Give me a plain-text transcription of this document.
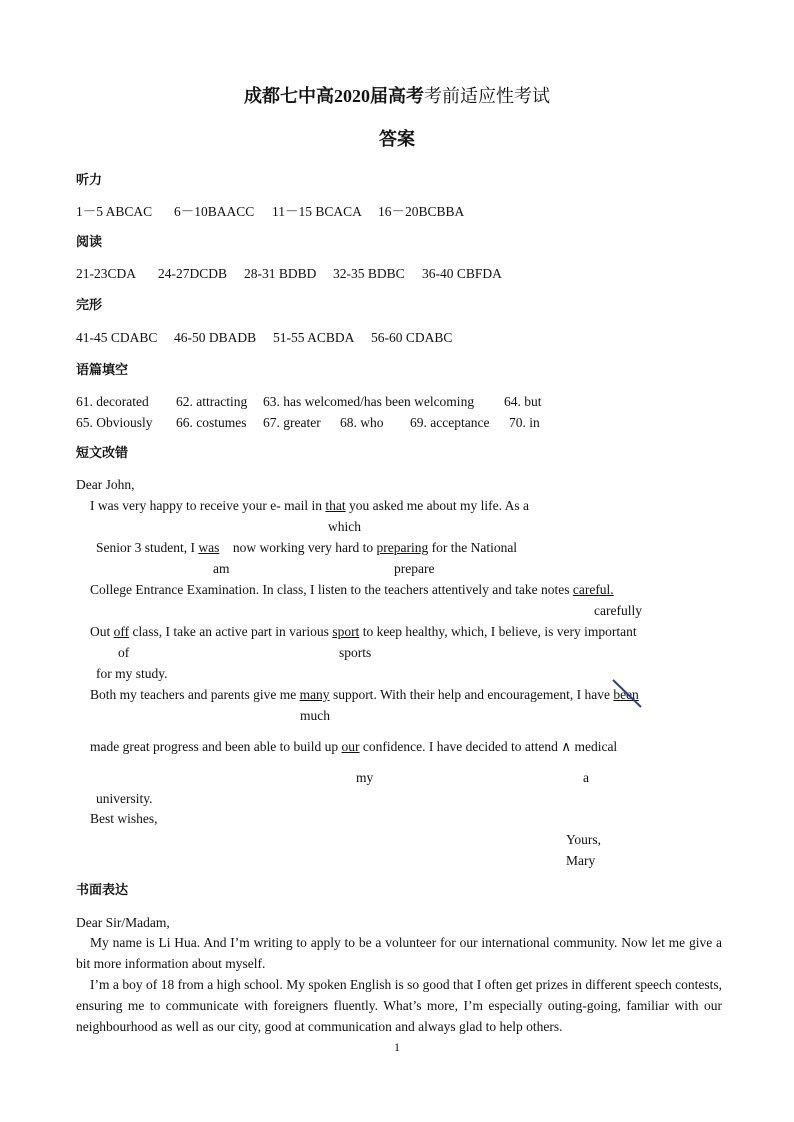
成都七中高2020届高考考前适应性考试
答案
听力
1－5 ABCAC 6－10BAACC 11－15 BCACA 16－20BCBBA
阅读
21-23CDA 24-27DCDB 28-31 BDBD 32-35 BDBC 36-40 CBFDA
完形
41-45 CDABC 46-50 DBADB 51-55 ACBDA 56-60 CDABC
语篇填空
61. decorated 62. attracting 63. has welcomed/has been welcoming 64. but
65. Obviously 66. costumes 67. greater 68. who 69. acceptance 70. in
短文改错
Dear John,
I was very happy to receive your e- mail in that you asked me about my life. As a
which
Senior 3 student, I was    now working very hard to preparing for the National
am	prepare
College Entrance Examination. In class, I listen to the teachers attentively and take notes careful.
carefully
Out off class, I take an active part in various sport to keep healthy, which, I believe, is very important
of	sports
for my study.
Both my teachers and parents give me many support. With their help and encouragement, I have been
much
made great progress and been able to build up our confidence. I have decided to attend ∧ medical
my	a
university.
Best wishes,
Yours,
Mary
书面表达
Dear Sir/Madam,

My name is Li Hua. And I’m writing to apply to be a volunteer for our international community. Now let me give a bit more information about myself.

I’m a boy of 18 from a high school. My spoken English is so good that I often get prizes in different speech contests, ensuring me to communicate with foreigners fluently. What’s more, I’m especially outing-going, familiar with our neighbourhood as well as our city, good at communication and always glad to help others.

1
